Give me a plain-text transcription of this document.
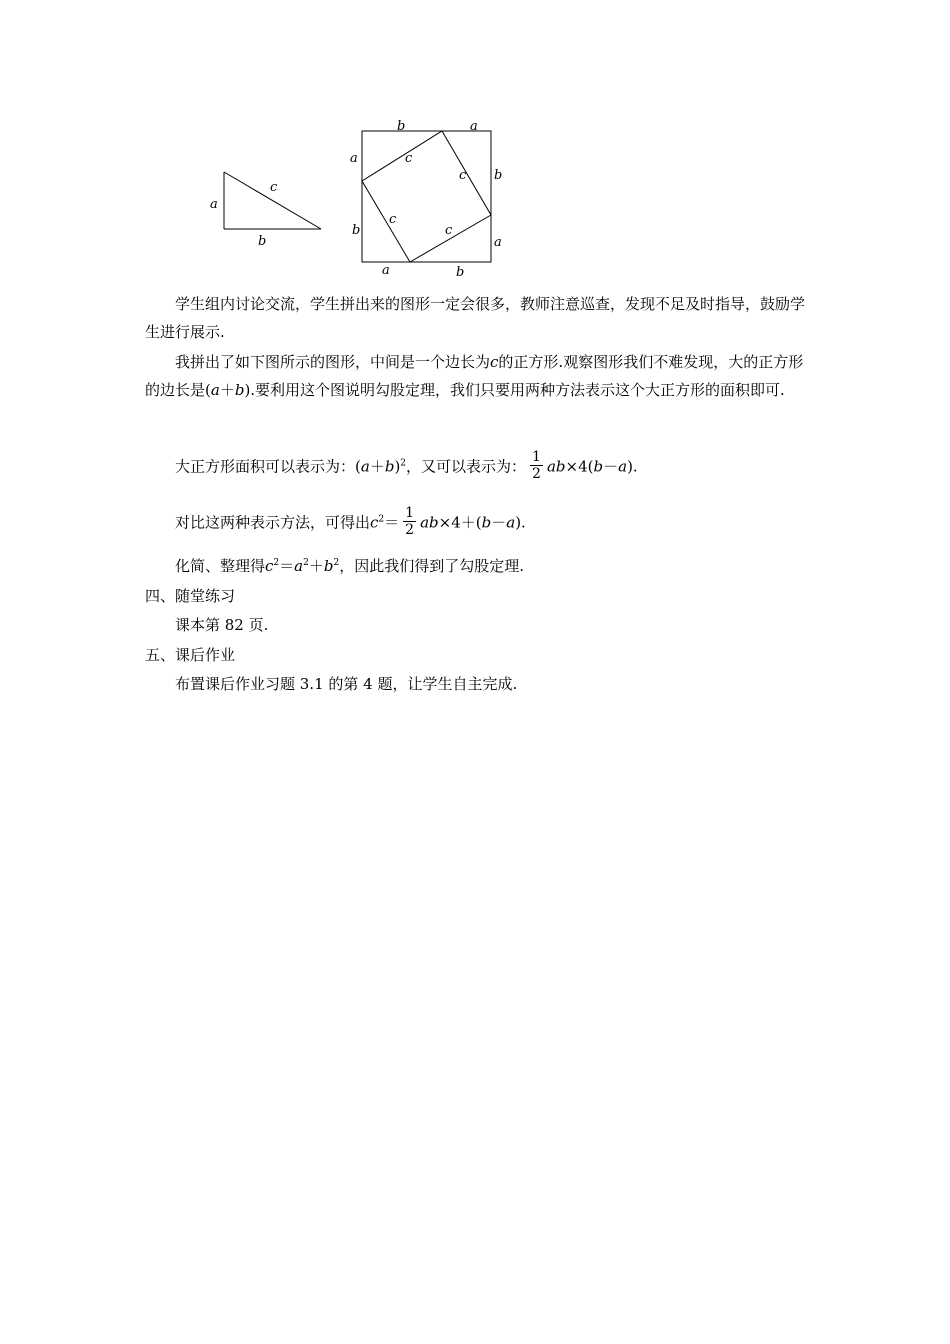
a
c
b
b	a
a
b
b
a
a	b
c
c
c
c
学生组内讨论交流，学生拼出来的图形一定会很多，教师注意巡查，发现不足及时指导，鼓励学生进行展示.
我拼出了如下图所示的图形，中间是一个边长为c的正方形.观察图形我们不难发现，大的正方形的边长是(a＋b).要利用这个图说明勾股定理，我们只要用两种方法表示这个大正方形的面积即可.
大正方形面积可以表示为：$(a+b)^2$，又可以表示为： $\frac{1}{2} ab\times 4(b-a)$.
对比这两种表示方法，可得出$c^2= \frac{1}{2} ab\times 4+(b-a)$.
化简、整理得$c^2=a^2+b^2$，因此我们得到了勾股定理.
四、随堂练习
课本第 82 页.
五、课后作业
布置课后作业习题 3.1 的第 4 题，让学生自主完成.
